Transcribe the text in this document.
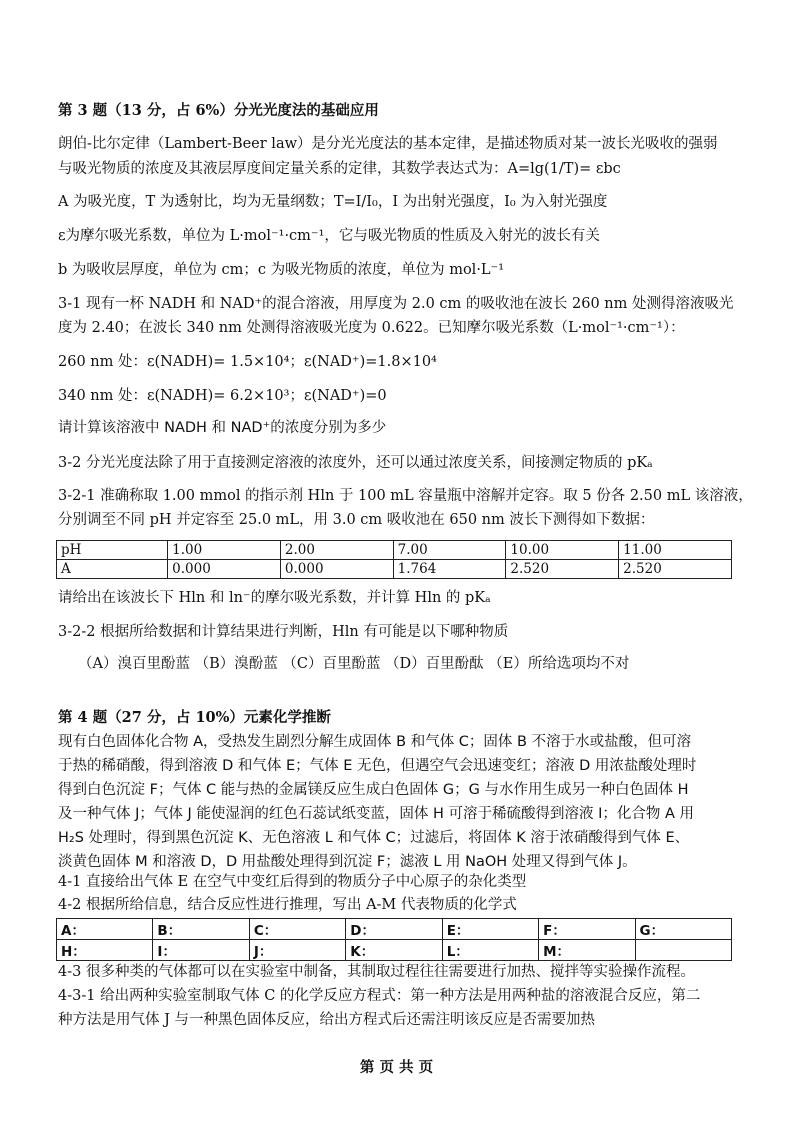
第 3 题（13 分，占 6%）分光光度法的基础应用
朗伯-比尔定律（Lambert-Beer law）是分光光度法的基本定律，是描述物质对某一波长光吸收的强弱
与吸光物质的浓度及其液层厚度间定量关系的定律，其数学表达式为：A=lg(1/T)= εbc
A 为吸光度，T 为透射比，均为无量纲数；T=I/I₀，I 为出射光强度，I₀ 为入射光强度
ε为摩尔吸光系数，单位为 L·mol⁻¹·cm⁻¹，它与吸光物质的性质及入射光的波长有关
b 为吸收层厚度，单位为 cm；c 为吸光物质的浓度，单位为 mol·L⁻¹
3-1 现有一杯 NADH 和 NAD⁺的混合溶液，用厚度为 2.0 cm 的吸收池在波长 260 nm 处测得溶液吸光
度为 2.40；在波长 340 nm 处测得溶液吸光度为 0.622。已知摩尔吸光系数（L·mol⁻¹·cm⁻¹）：
260 nm 处：ε(NADH)= 1.5×10⁴；ε(NAD⁺)=1.8×10⁴
340 nm 处：ε(NADH)= 6.2×10³；ε(NAD⁺)=0
请计算该溶液中 NADH 和 NAD⁺的浓度分别为多少
3-2 分光光度法除了用于直接测定溶液的浓度外，还可以通过浓度关系，间接测定物质的 pKₐ
3-2-1 准确称取 1.00 mmol 的指示剂 Hln 于 100 mL 容量瓶中溶解并定容。取 5 份各 2.50 mL 该溶液，
分别调至不同 pH 并定容至 25.0 mL，用 3.0 cm 吸收池在 650 nm 波长下测得如下数据：
pH	1.00	2.00	7.00	10.00	11.00
A	0.000	0.000	1.764	2.520	2.520
请给出在该波长下 Hln 和 ln⁻的摩尔吸光系数，并计算 Hln 的 pKₐ
3-2-2 根据所给数据和计算结果进行判断，Hln 有可能是以下哪种物质
（A）溴百里酚蓝 （B）溴酚蓝 （C）百里酚蓝 （D）百里酚酞 （E）所给选项均不对
第 4 题（27 分，占 10%）元素化学推断
现有白色固体化合物 A，受热发生剧烈分解生成固体 B 和气体 C；固体 B 不溶于水或盐酸，但可溶
于热的稀硝酸，得到溶液 D 和气体 E；气体 E 无色，但遇空气会迅速变红；溶液 D 用浓盐酸处理时
得到白色沉淀 F；气体 C 能与热的金属镁反应生成白色固体 G；G 与水作用生成另一种白色固体 H
及一种气体 J；气体 J 能使湿润的红色石蕊试纸变蓝，固体 H 可溶于稀硫酸得到溶液 I；化合物 A 用
H₂S 处理时，得到黑色沉淀 K、无色溶液 L 和气体 C；过滤后，将固体 K 溶于浓硝酸得到气体 E、
淡黄色固体 M 和溶液 D，D 用盐酸处理得到沉淀 F；滤液 L 用 NaOH 处理又得到气体 J。
4-1 直接给出气体 E 在空气中变红后得到的物质分子中心原子的杂化类型
4-2 根据所给信息，结合反应性进行推理，写出 A-M 代表物质的化学式
A：	B：	C：	D：	E：	F：	G：
H：	I：	J：	K：	L：	M：	
4-3 很多种类的气体都可以在实验室中制备，其制取过程往往需要进行加热、搅拌等实验操作流程。
4-3-1 给出两种实验室制取气体 C 的化学反应方程式：第一种方法是用两种盐的溶液混合反应，第二
种方法是用气体 J 与一种黑色固体反应，给出方程式后还需注明该反应是否需要加热
第 页 共 页
